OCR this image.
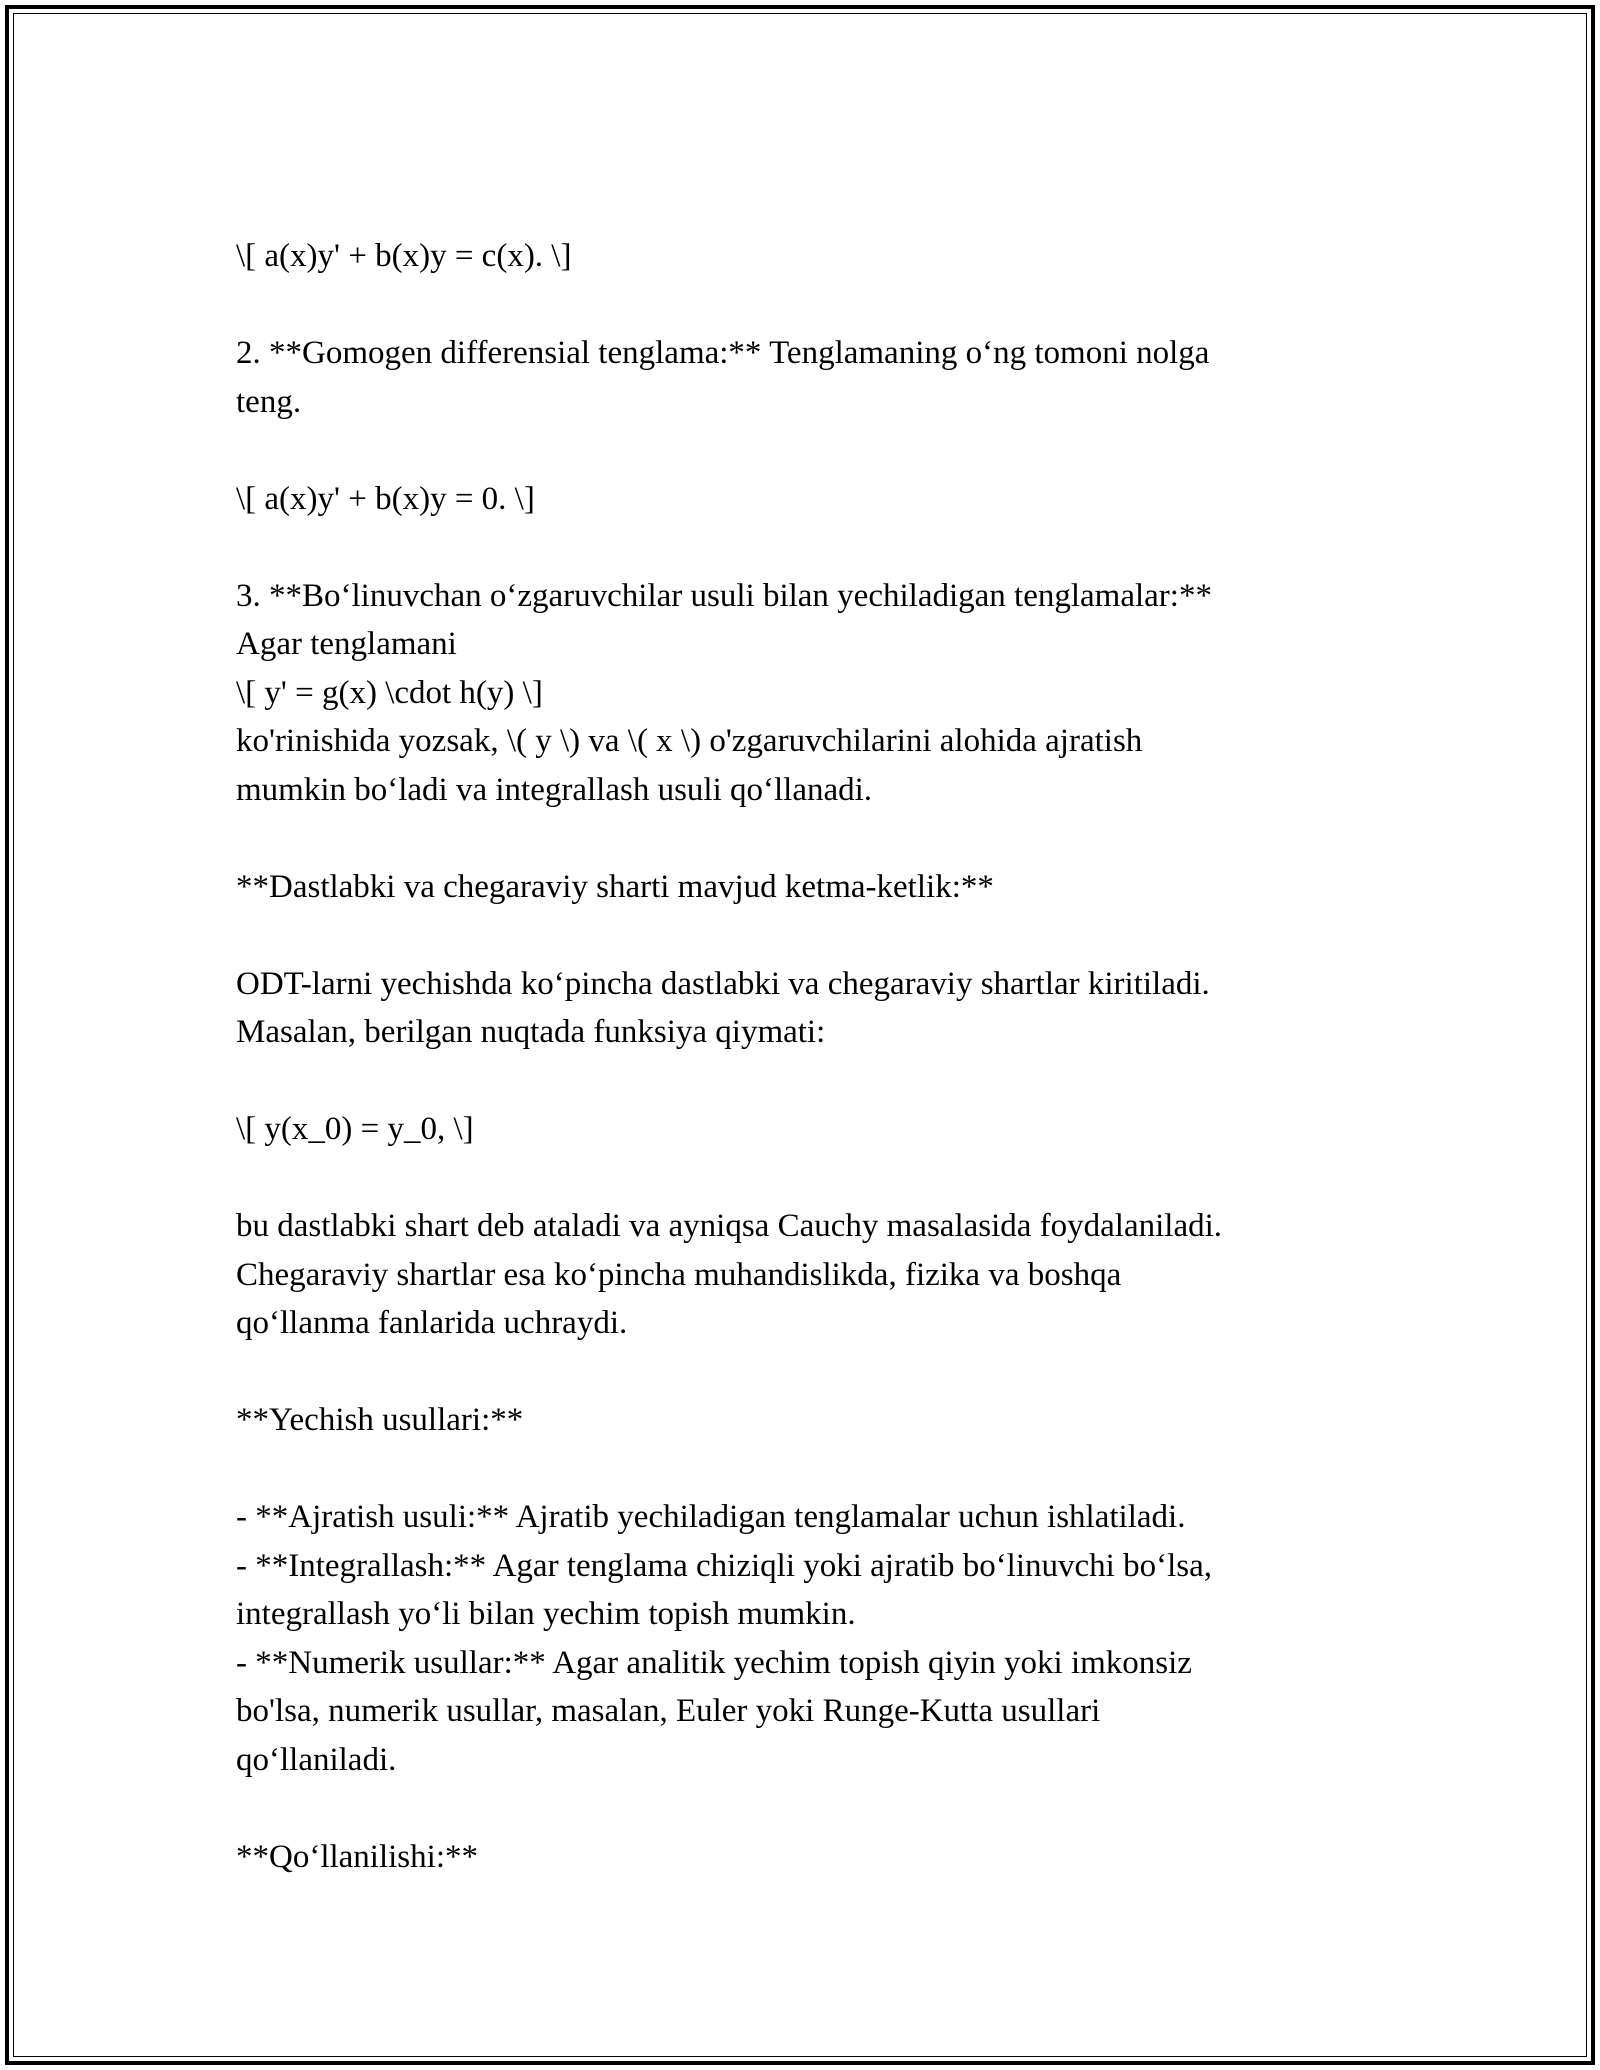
\[ a(x)y' + b(x)y = c(x). \]

2. **Gomogen differensial tenglama:** Tenglamaning o‘ng tomoni nolga
teng.

\[ a(x)y' + b(x)y = 0. \]

3. **Bo‘linuvchan o‘zgaruvchilar usuli bilan yechiladigan tenglamalar:**
Agar tenglamani
\[ y' = g(x) \cdot h(y) \]
ko'rinishida yozsak, \( y \) va \( x \) o'zgaruvchilarini alohida ajratish
mumkin bo‘ladi va integrallash usuli qo‘llanadi.

**Dastlabki va chegaraviy sharti mavjud ketma-ketlik:**

ODT-larni yechishda ko‘pincha dastlabki va chegaraviy shartlar kiritiladi.
Masalan, berilgan nuqtada funksiya qiymati:

\[ y(x_0) = y_0, \]

bu dastlabki shart deb ataladi va ayniqsa Cauchy masalasida foydalaniladi.
Chegaraviy shartlar esa ko‘pincha muhandislikda, fizika va boshqa
qo‘llanma fanlarida uchraydi.

**Yechish usullari:**

- **Ajratish usuli:** Ajratib yechiladigan tenglamalar uchun ishlatiladi.
- **Integrallash:** Agar tenglama chiziqli yoki ajratib bo‘linuvchi bo‘lsa,
integrallash yo‘li bilan yechim topish mumkin.
- **Numerik usullar:** Agar analitik yechim topish qiyin yoki imkonsiz
bo'lsa, numerik usullar, masalan, Euler yoki Runge-Kutta usullari
qo‘llaniladi.

**Qo‘llanilishi:**
